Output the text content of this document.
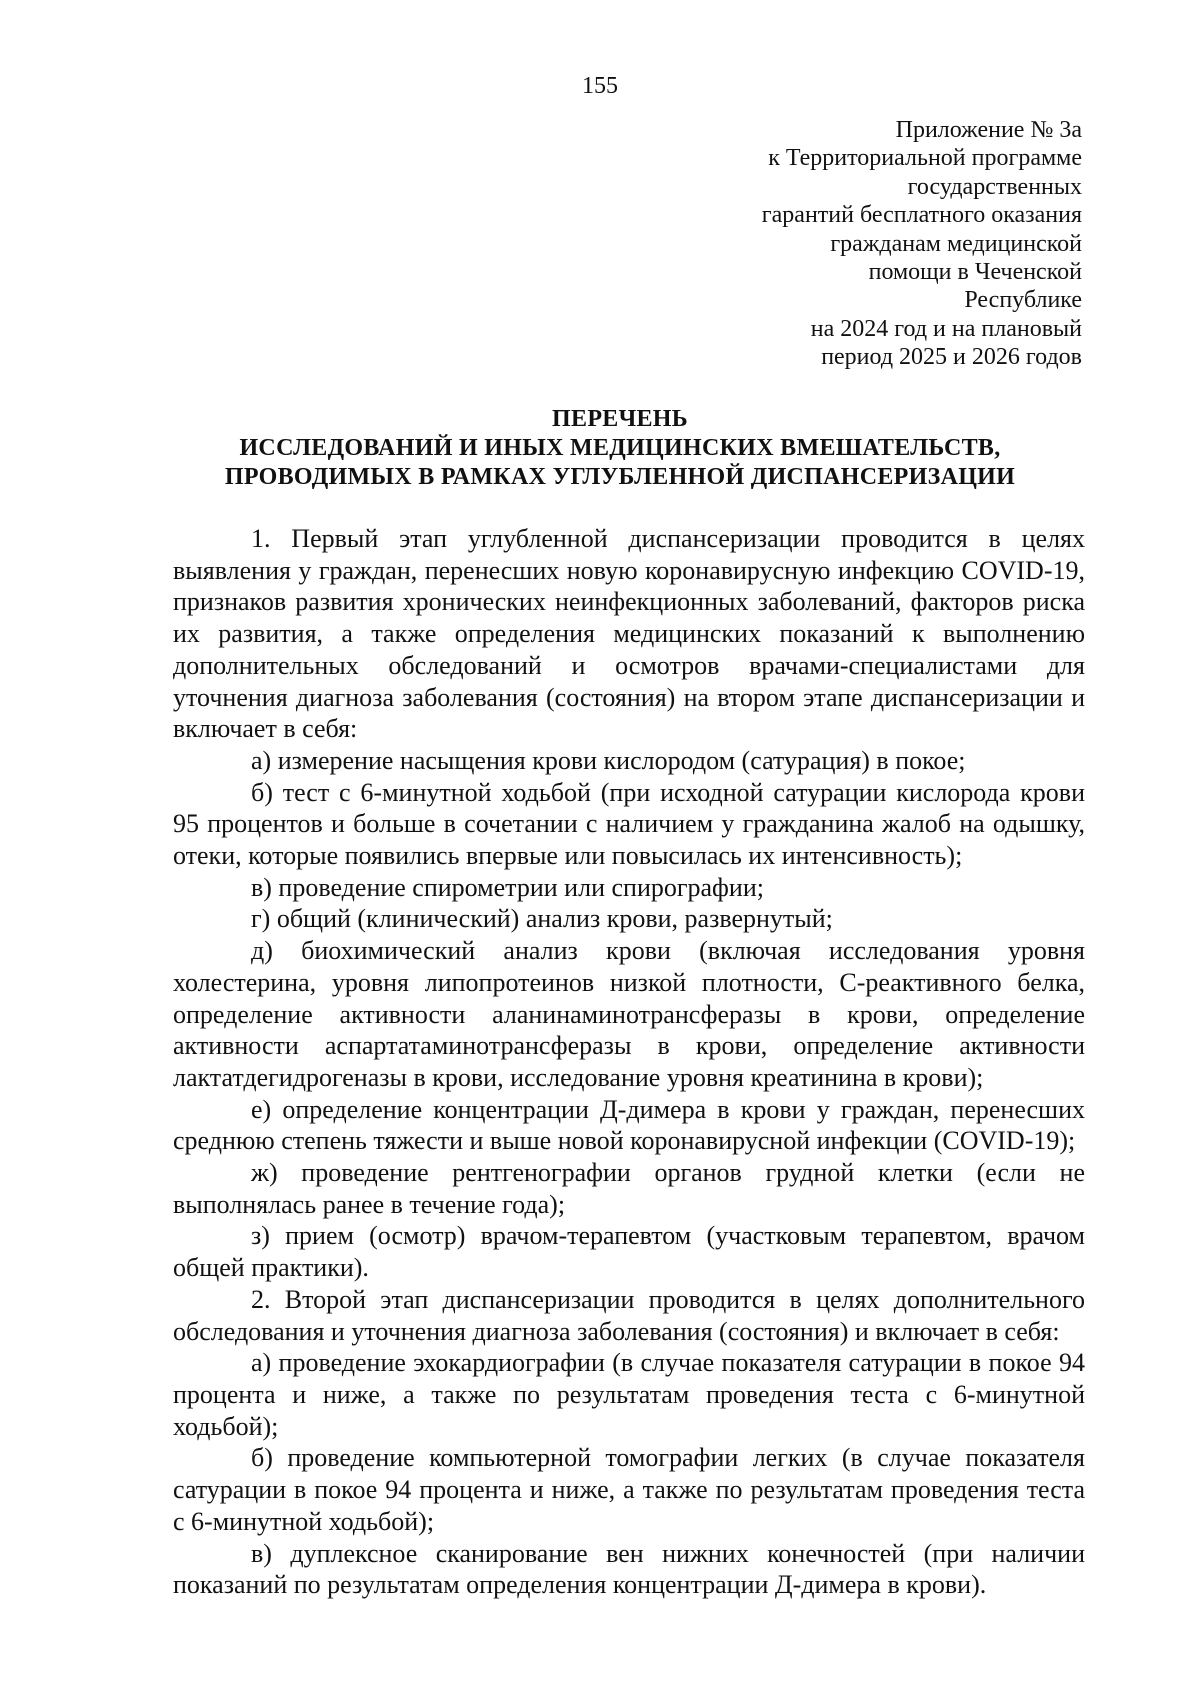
155
Приложение № 3а
к Территориальной программе
государственных
гарантий бесплатного оказания
гражданам медицинской
помощи в Чеченской
Республике
на 2024 год и на плановый
период 2025 и 2026 годов
ПЕРЕЧЕНЬ
ИССЛЕДОВАНИЙ И ИНЫХ МЕДИЦИНСКИХ ВМЕШАТЕЛЬСТВ,
ПРОВОДИМЫХ В РАМКАХ УГЛУБЛЕННОЙ ДИСПАНСЕРИЗАЦИИ

1. Первый этап углубленной диспансеризации проводится в целях выявления у граждан, перенесших новую коронавирусную инфекцию COVID-19, признаков развития хронических неинфекционных заболеваний, факторов риска их развития, а также определения медицинских показаний к выполнению дополнительных обследований и осмотров врачами-специалистами для уточнения диагноза заболевания (состояния) на втором этапе диспансеризации и включает в себя:

а) измерение насыщения крови кислородом (сатурация) в покое;

б) тест с 6-минутной ходьбой (при исходной сатурации кислорода крови 95 процентов и больше в сочетании с наличием у гражданина жалоб на одышку, отеки, которые появились впервые или повысилась их интенсивность);

в) проведение спирометрии или спирографии;

г) общий (клинический) анализ крови, развернутый;

д) биохимический анализ крови (включая исследования уровня холестерина, уровня липопротеинов низкой плотности, С-реактивного белка, определение активности аланинаминотрансферазы в крови, определение активности аспартатаминотрансферазы в крови, определение активности лактатдегидрогеназы в крови, исследование уровня креатинина в крови);

е) определение концентрации Д-димера в крови у граждан, перенесших среднюю степень тяжести и выше новой коронавирусной инфекции (COVID-19);

ж) проведение рентгенографии органов грудной клетки (если не выполнялась ранее в течение года);

з) прием (осмотр) врачом-терапевтом (участковым терапевтом, врачом общей практики).

2. Второй этап диспансеризации проводится в целях дополнительного обследования и уточнения диагноза заболевания (состояния) и включает в себя:

а) проведение эхокардиографии (в случае показателя сатурации в покое 94 процента и ниже, а также по результатам проведения теста с 6-минутной ходьбой);

б) проведение компьютерной томографии легких (в случае показателя сатурации в покое 94 процента и ниже, а также по результатам проведения теста с 6-минутной ходьбой);

в) дуплексное сканирование вен нижних конечностей (при наличии показаний по результатам определения концентрации Д-димера в крови).
